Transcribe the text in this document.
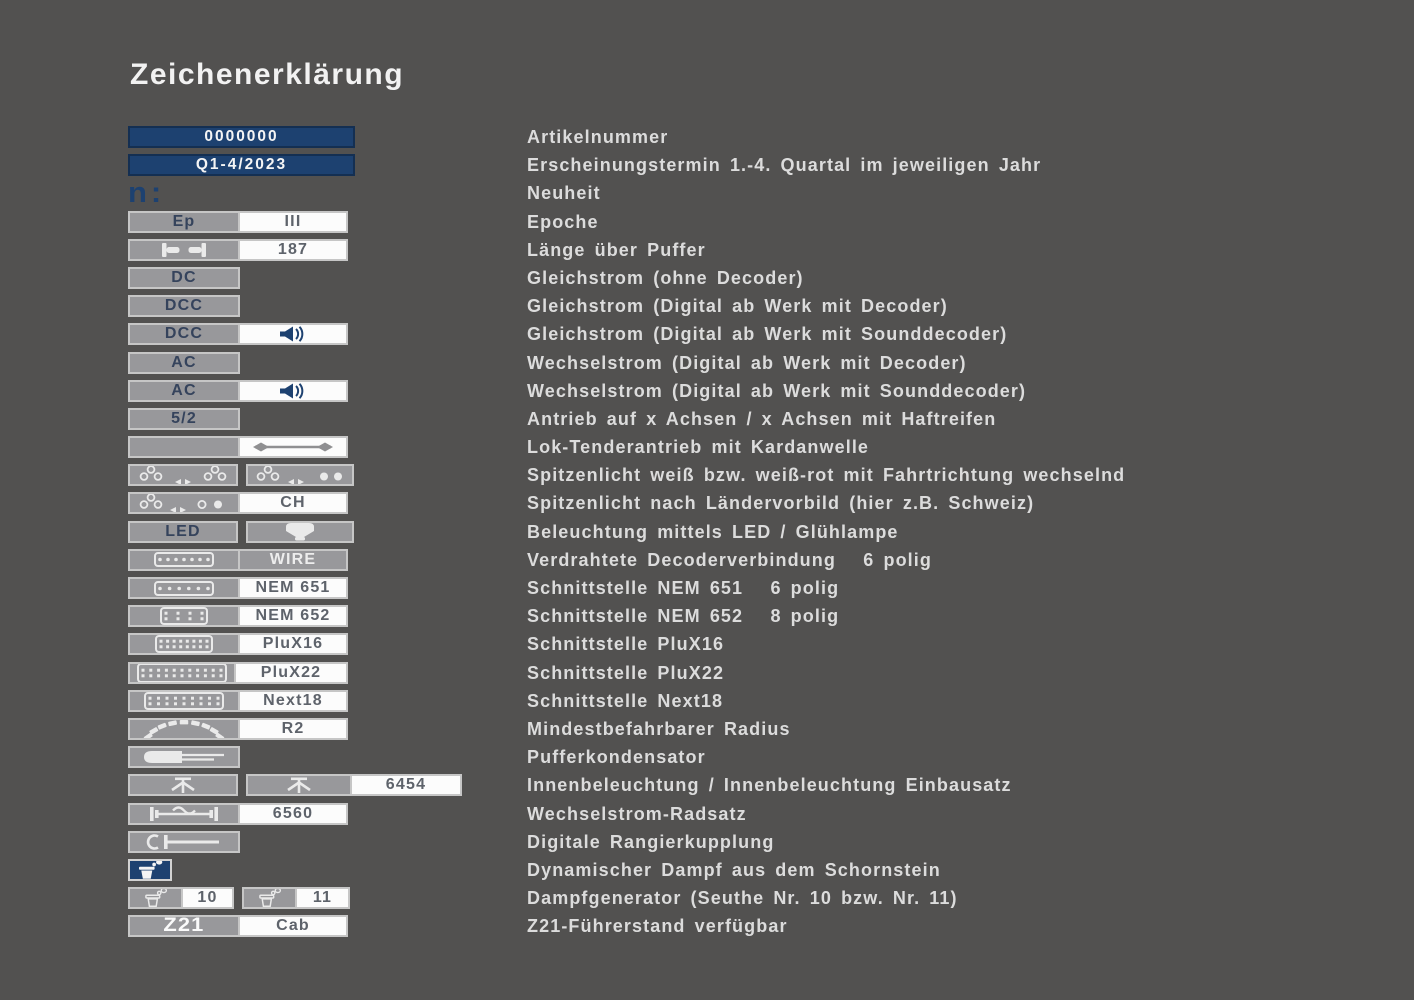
Zeichenerklärung
0000000	Artikelnummer
Q1-4/2023	Erscheinungstermin 1.-4. Quartal im jeweiligen Jahr
n:	Neuheit
Ep	III	Epoche
187	Länge über Puffer
DC	Gleichstrom (ohne Decoder)
DCC	Gleichstrom (Digital ab Werk mit Decoder)
DCC	Gleichstrom (Digital ab Werk mit Sounddecoder)
AC	Wechselstrom (Digital ab Werk mit Decoder)
AC	Wechselstrom (Digital ab Werk mit Sounddecoder)
5/2	Antrieb auf x Achsen / x Achsen mit Haftreifen
Lok-Tenderantrieb mit Kardanwelle
Spitzenlicht weiß bzw. weiß-rot mit Fahrtrichtung wechselnd
CH	Spitzenlicht nach Ländervorbild (hier z.B. Schweiz)
LED	Beleuchtung mittels LED / Glühlampe
WIRE	Verdrahtete Decoderverbindung   6 polig
NEM 651	Schnittstelle NEM 651   6 polig
NEM 652	Schnittstelle NEM 652   8 polig
PluX16	Schnittstelle PluX16
PluX22	Schnittstelle PluX22
Next18	Schnittstelle Next18
R2	Mindestbefahrbarer Radius
Pufferkondensator
6454	Innenbeleuchtung / Innenbeleuchtung Einbausatz
6560	Wechselstrom-Radsatz
Digitale Rangierkupplung
Dynamischer Dampf aus dem Schornstein
10	11	Dampfgenerator (Seuthe Nr. 10 bzw. Nr. 11)
Z21	Cab	Z21-Führerstand verfügbar
